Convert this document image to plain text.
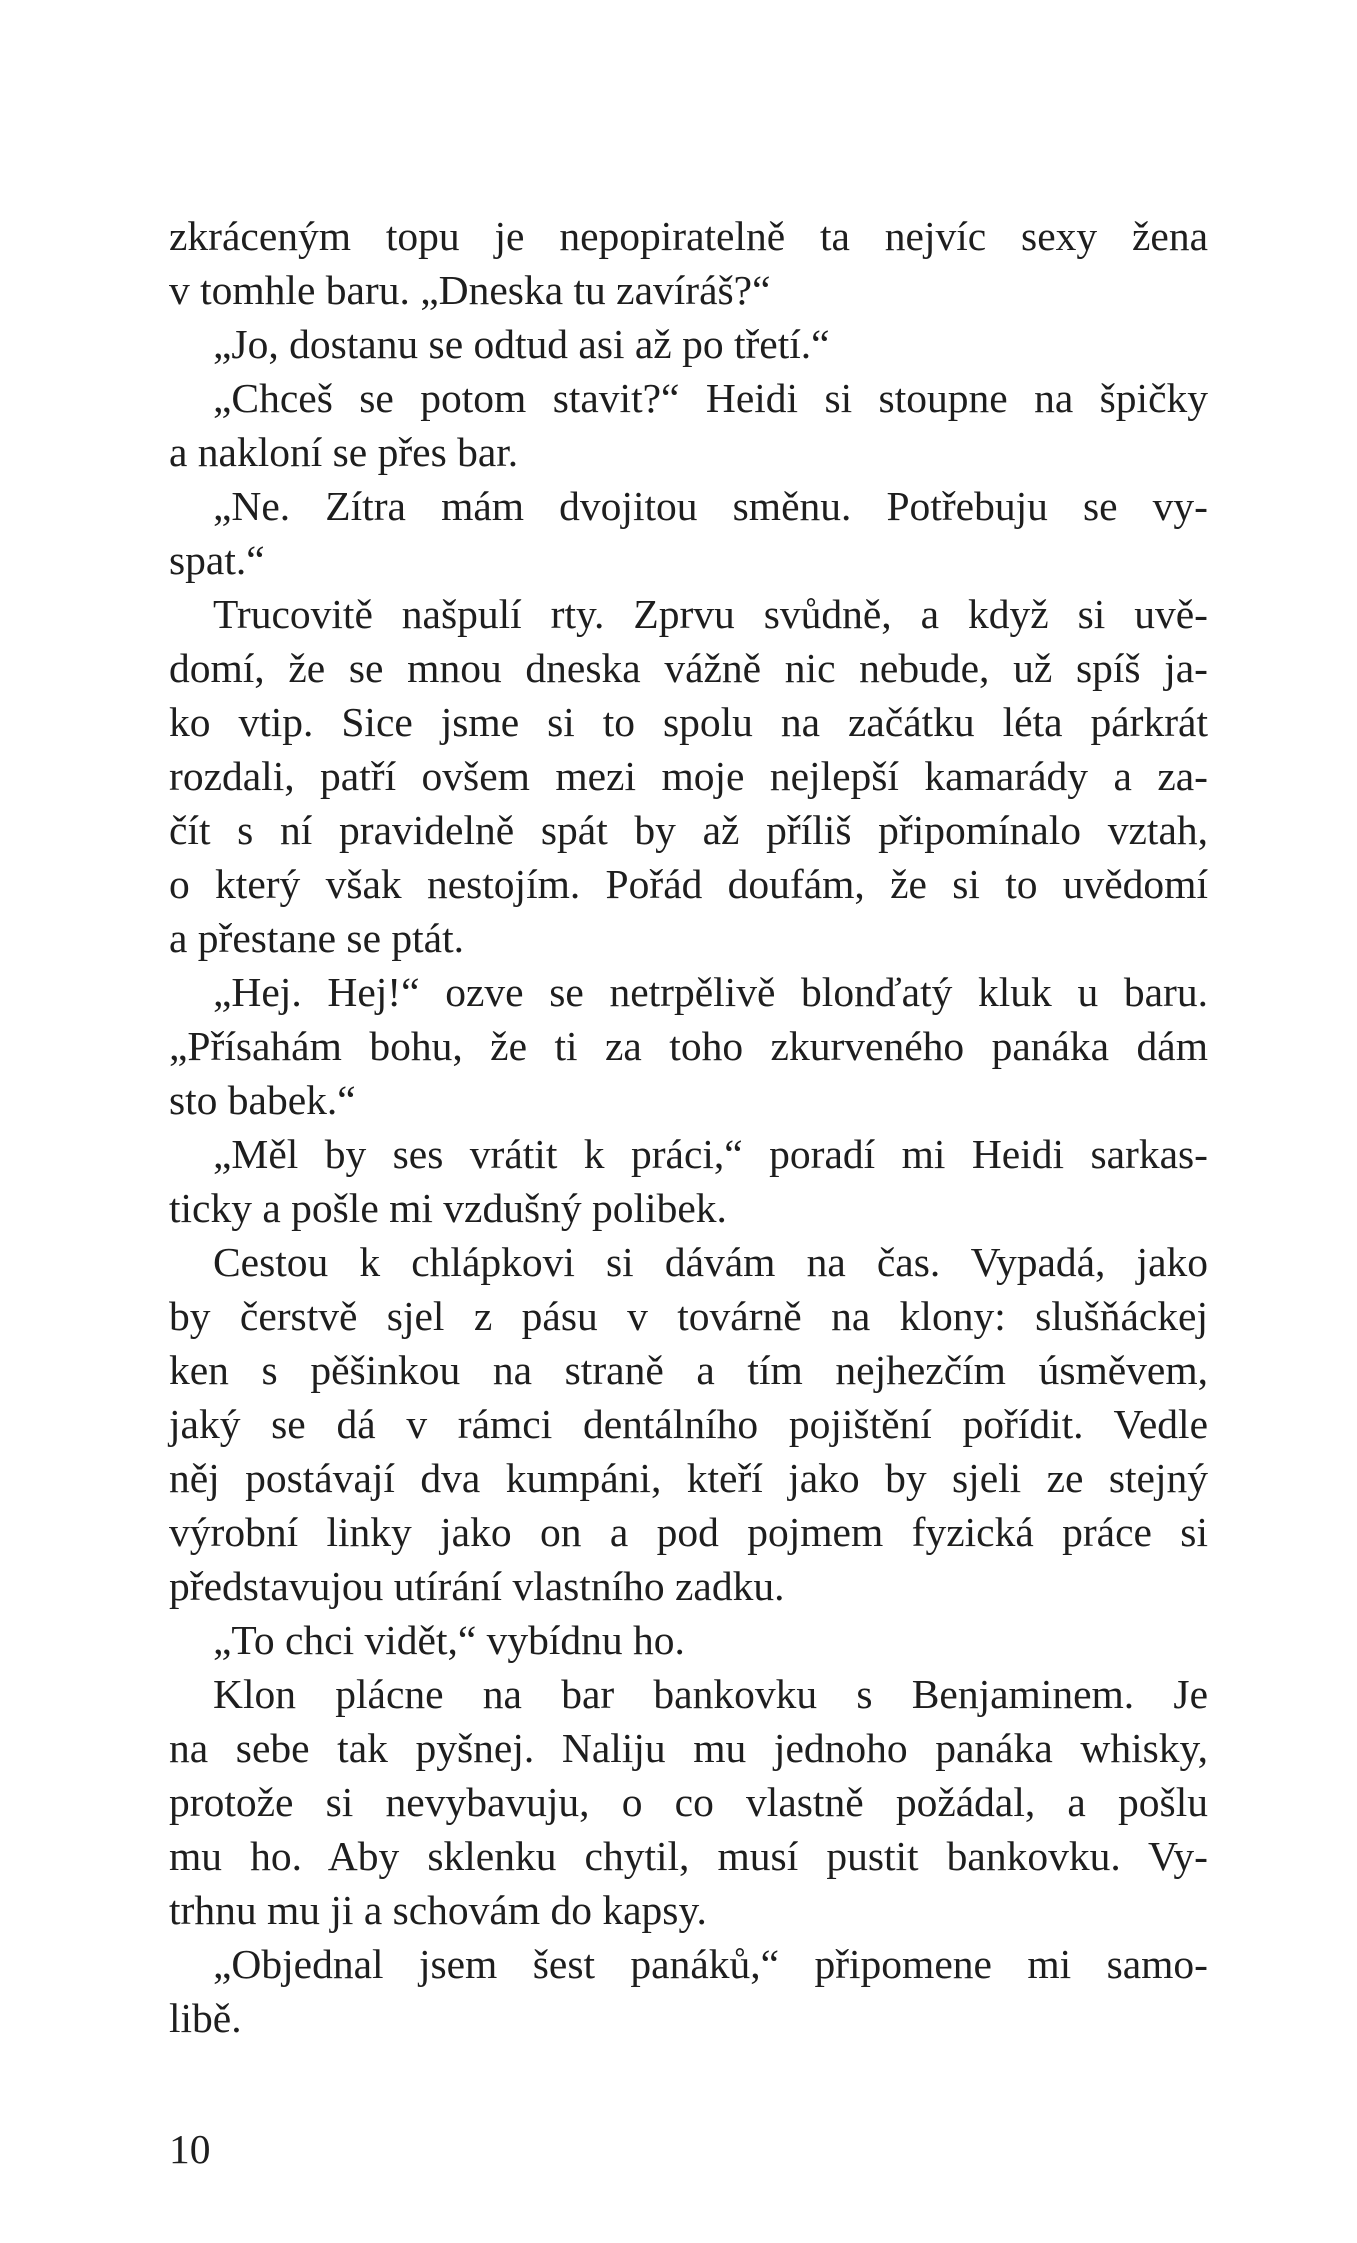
zkráceným topu je nepopiratelně ta nejvíc sexy žena
v tomhle baru. „Dneska tu zavíráš?“
„Jo, dostanu se odtud asi až po třetí.“
„Chceš se potom stavit?“ Heidi si stoupne na špičky
a nakloní se přes bar.
„Ne. Zítra mám dvojitou směnu. Potřebuju se vy-
spat.“
Trucovitě našpulí rty. Zprvu svůdně, a když si uvě-
domí, že se mnou dneska vážně nic nebude, už spíš ja-
ko vtip. Sice jsme si to spolu na začátku léta párkrát
rozdali, patří ovšem mezi moje nejlepší kamarády a za-
čít s ní pravidelně spát by až příliš připomínalo vztah,
o který však nestojím. Pořád doufám, že si to uvědomí
a přestane se ptát.
„Hej. Hej!“ ozve se netrpělivě blonďatý kluk u baru.
„Přísahám bohu, že ti za toho zkurveného panáka dám
sto babek.“
„Měl by ses vrátit k práci,“ poradí mi Heidi sarkas-
ticky a pošle mi vzdušný polibek.
Cestou k chlápkovi si dávám na čas. Vypadá, jako
by čerstvě sjel z pásu v továrně na klony: slušňáckej
ken s pěšinkou na straně a tím nejhezčím úsměvem,
jaký se dá v rámci dentálního pojištění pořídit. Vedle
něj postávají dva kumpáni, kteří jako by sjeli ze stejný
výrobní linky jako on a pod pojmem fyzická práce si
představujou utírání vlastního zadku.
„To chci vidět,“ vybídnu ho.
Klon plácne na bar bankovku s Benjaminem. Je
na sebe tak pyšnej. Naliju mu jednoho panáka whisky,
protože si nevybavuju, o co vlastně požádal, a pošlu
mu ho. Aby sklenku chytil, musí pustit bankovku. Vy-
trhnu mu ji a schovám do kapsy.
„Objednal jsem šest panáků,“ připomene mi samo-
libě.
10
